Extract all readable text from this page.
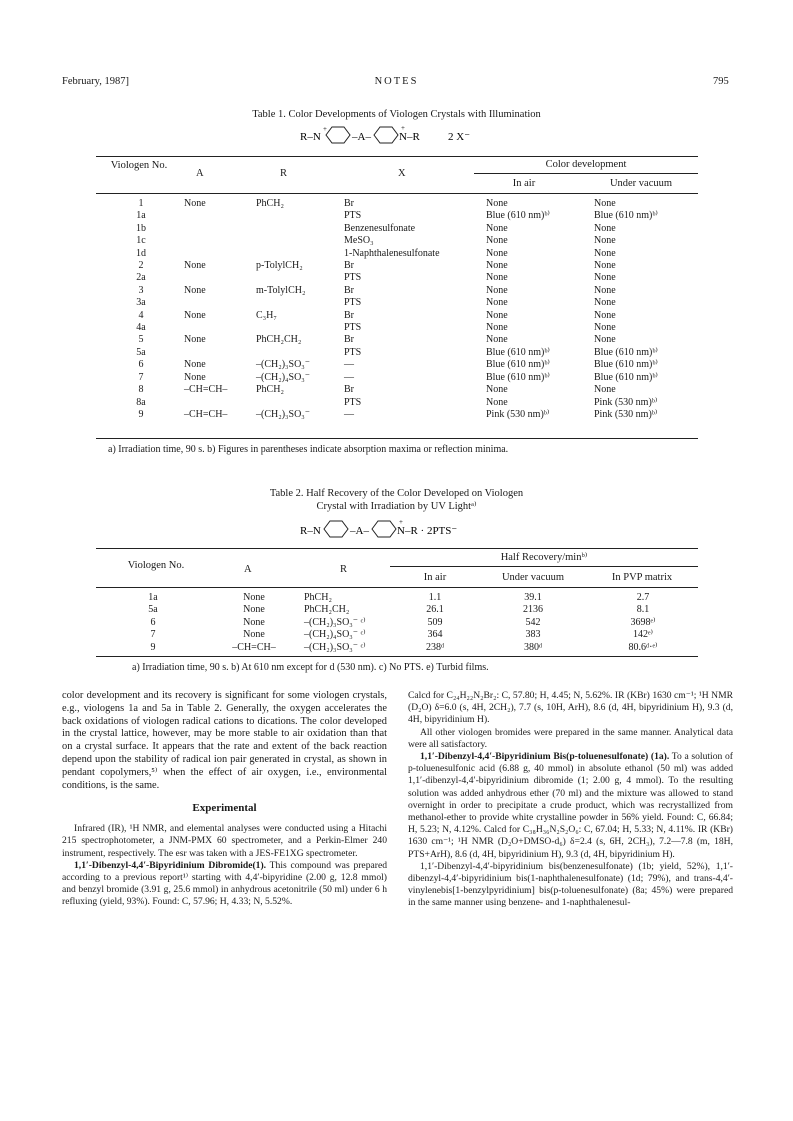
February, 1987]	NOTES	795
Table 1. Color Developments of Viologen Crystals with Illumination
R–N
+
–A–	N–R
+
2 X⁻
Viologen No.
A	R	X
Color development
In air	Under vacuum
1	None	PhCH₂	Br	None	None
1a			PTS	Blue (610 nm)ᵇ⁾	Blue (610 nm)ᵇ⁾
1b			Benzenesulfonate	None	None
1c			MeSO₃	None	None
1d			1-Naphthalenesulfonate	None	None
2	None	p-TolylCH₂	Br	None	None
2a			PTS	None	None
3	None	m-TolylCH₂	Br	None	None
3a			PTS	None	None
4	None	C₃H₇	Br	None	None
4a			PTS	None	None
5	None	PhCH₂CH₂	Br	None	None
5a			PTS	Blue (610 nm)ᵇ⁾	Blue (610 nm)ᵇ⁾
6	None	–(CH₂)₃SO₃⁻	—	Blue (610 nm)ᵇ⁾	Blue (610 nm)ᵇ⁾
7	None	–(CH₂)₄SO₃⁻	—	Blue (610 nm)ᵇ⁾	Blue (610 nm)ᵇ⁾
8	–CH=CH–	PhCH₂	Br	None	None
8a			PTS	None	Pink (530 nm)ᵇ⁾
9	–CH=CH–	–(CH₂)₃SO₃⁻	—	Pink (530 nm)ᵇ⁾	Pink (530 nm)ᵇ⁾
a) Irradiation time, 90 s. b) Figures in parentheses indicate absorption maxima or reflection minima.
Table 2. Half Recovery of the Color Developed on Viologen
Crystal with Irradiation by UV Lightᵃ⁾
R–N	–A–	N–R · 2PTS⁻
+
Viologen No.	A	R
Half Recovery/minᵇ⁾
In air	Under vacuum	In PVP matrix
1a	None	PhCH₂	1.1	39.1	2.7
5a	None	PhCH₂CH₂	26.1	2136	8.1
6	None	–(CH₂)₃SO₃⁻ ᶜ⁾	509	542	3698ᵉ⁾
7	None	–(CH₂)₄SO₃⁻ ᶜ⁾	364	383	142ᵉ⁾
9	–CH=CH–	–(CH₂)₃SO₃⁻ ᶜ⁾	238ᵈ	380ᵈ	80.6ᵈ·ᵉ⁾
a) Irradiation time, 90 s. b) At 610 nm except for d (530 nm). c) No PTS. e) Turbid films.

color development and its recovery is significant for some viologen crystals, e.g., viologens 1a and 5a in Table 2. Generally, the oxygen accelerates the back oxidations of viologen radical cations to dications. The color developed in the crystal lattice, however, may be more stable to air oxidation than that on a crystal surface. It appears that the rate and extent of the back reaction depend upon the stability of radical ion pair generated in crystal, as shown in pendant copolymers,⁵⁾ when the effect of air oxygen, i.e., environmental conditions, is the same.

Experimental

Infrared (IR), ¹H NMR, and elemental analyses were conducted using a Hitachi 215 spectrophotometer, a JNM-PMX 60 spectrometer, and a Perkin-Elmer 240 instrument, respectively. The esr was taken with a JES-FE1XG spectrometer.

1,1′-Dibenzyl-4,4′-Bipyridinium Dibromide(1). This compound was prepared according to a previous report¹⁾ starting with 4,4′-bipyridine (2.00 g, 12.8 mmol) and benzyl bromide (3.91 g, 25.6 mmol) in anhydrous acetonitrile (50 ml) under 6 h refluxing (yield, 93%). Found: C, 57.96; H, 4.33; N, 5.52%.

Calcd for C₂₄H₂₂N₂Br₂: C, 57.80; H, 4.45; N, 5.62%. IR (KBr) 1630 cm⁻¹; ¹H NMR (D₂O) δ=6.0 (s, 4H, 2CH₂), 7.7 (s, 10H, ArH), 8.6 (d, 4H, bipyridinium H), 9.3 (d, 4H, bipyridinium H).

All other viologen bromides were prepared in the same manner. Analytical data were all satisfactory.

1,1′-Dibenzyl-4,4′-Bipyridinium Bis(p-toluenesulfonate) (1a). To a solution of p-toluenesulfonic acid (6.88 g, 40 mmol) in absolute ethanol (50 ml) was added 1,1′-dibenzyl-4,4′-bipyridinium dibromide (1; 2.00 g, 4 mmol). To the resulting solution was added anhydrous ether (70 ml) and the mixture was allowed to stand overnight in order to precipitate a crude product, which was recrystallized from methanol-ether to provide white crystalline powder in 56% yield. Found: C, 66.84; H, 5.23; N, 4.12%. Calcd for C₃₈H₃₆N₂S₂O₆: C, 67.04; H, 5.33; N, 4.11%. IR (KBr) 1630 cm⁻¹; ¹H NMR (D₂O+DMSO-d₆) δ=2.4 (s, 6H, 2CH₃), 7.2—7.8 (m, 18H, PTS+ArH), 8.6 (d, 4H, bipyridinium H), 9.3 (d, 4H, bipyridinium H).

1,1′-Dibenzyl-4,4′-bipyridinium bis(benzenesulfonate) (1b; yield, 52%), 1,1′-dibenzyl-4,4′-bipyridinium bis(1-naphthalenesulfonate) (1d; 79%), and trans-4,4′-vinylenebis[1-benzylpyridinium] bis(p-toluenesulfonate) (8a; 45%) were prepared in the same manner using benzene- and 1-naphthalenesul-
